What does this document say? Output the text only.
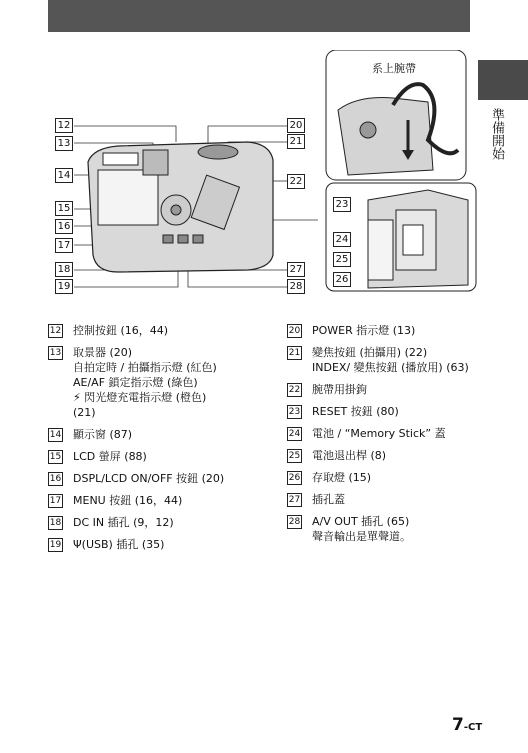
準備開始
12
13
14
15
16
17
18
19
20
21
22
27
28
23
24
25
26
系上腕帶
12 控制按鈕 (16，44)
13 取景器 (20)
自拍定時 / 拍攝指示燈 (紅色)
AE/AF 鎖定指示燈 (綠色)
⚡ 閃光燈充電指示燈 (橙色)
(21)
14 顯示窗 (87)
15 LCD 螢屏 (88)
16 DSPL/LCD ON/OFF 按鈕 (20)
17 MENU 按鈕 (16，44)
18 DC IN 插孔 (9，12)
19 Ψ(USB) 插孔 (35)
20 POWER 指示燈 (13)
21 變焦按鈕 (拍攝用) (22)
INDEX/ 變焦按鈕 (播放用) (63)
22 腕帶用掛鉤
23 RESET 按鈕 (80)
24 電池 / “Memory Stick” 蓋
25 電池退出桿 (8)
26 存取燈 (15)
27 插孔蓋
28 A/V OUT 插孔 (65)
聲音輸出是單聲道。
7-CT
